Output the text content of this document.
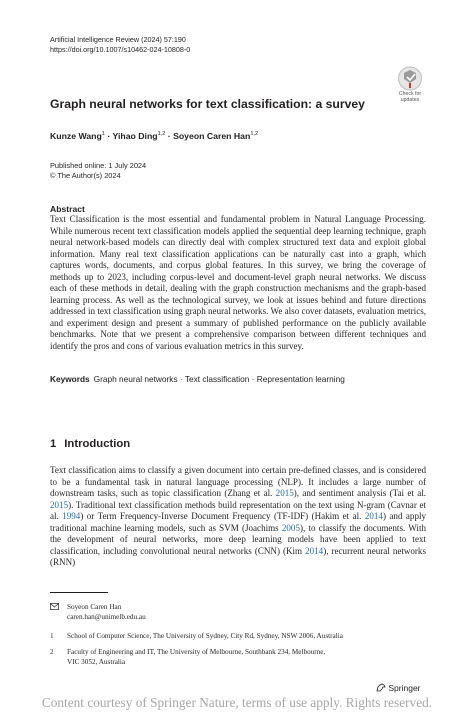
Artificial Intelligence Review (2024) 57:190
https://doi.org/10.1007/s10462-024-10808-0
Check for
updates
Graph neural networks for text classification: a survey
Kunze Wang$^1$ · Yihao Ding$^{1,2}$ · Soyeon Caren Han$^{1,2}$
Published online: 1 July 2024
© The Author(s) 2024
Abstract
Text Classification is the most essential and fundamental problem in Natural Language Processing. While numerous recent text classification models applied the sequential deep learning technique, graph neural network-based models can directly deal with complex structured text data and exploit global information. Many real text classification applications can be naturally cast into a graph, which captures words, documents, and corpus global features. In this survey, we bring the coverage of methods up to 2023, including corpus-level and document-level graph neural networks. We discuss each of these methods in detail, dealing with the graph construction mechanisms and the graph-based learning process. As well as the technological survey, we look at issues behind and future directions addressed in text classification using graph neural networks. We also cover datasets, evaluation metrics, and experiment design and present a summary of published performance on the publicly available benchmarks. Note that we present a comprehensive comparison between different techniques and identify the pros and cons of various evaluation metrics in this survey.
Keywords Graph neural networks · Text classification · Representation learning
1 Introduction
Text classification aims to classify a given document into certain pre-defined classes, and is considered to be a fundamental task in natural language processing (NLP). It includes a large number of downstream tasks, such as topic classification (Zhang et al. 2015), and sentiment analysis (Tai et al. 2015). Traditional text classification methods build representation on the text using N-gram (Cavnar et al. 1994) or Term Frequency-Inverse Document Frequency (TF-IDF) (Hakim et al. 2014) and apply traditional machine learning models, such as SVM (Joachims 2005), to classify the documents. With the development of neural networks, more deep learning models have been applied to text classification, including convolutional neural networks (CNN) (Kim 2014), recurrent neural networks (RNN)
Soyeon Caren Han
caren.han@unimelb.edu.au
1 School of Computer Science, The University of Sydney, City Rd, Sydney, NSW 2006, Australia
2 Faculty of Engineering and IT, The University of Melbourne, Southbank 234, Melbourne,
VIC 3052, Australia
Springer
Content courtesy of Springer Nature, terms of use apply. Rights reserved.
